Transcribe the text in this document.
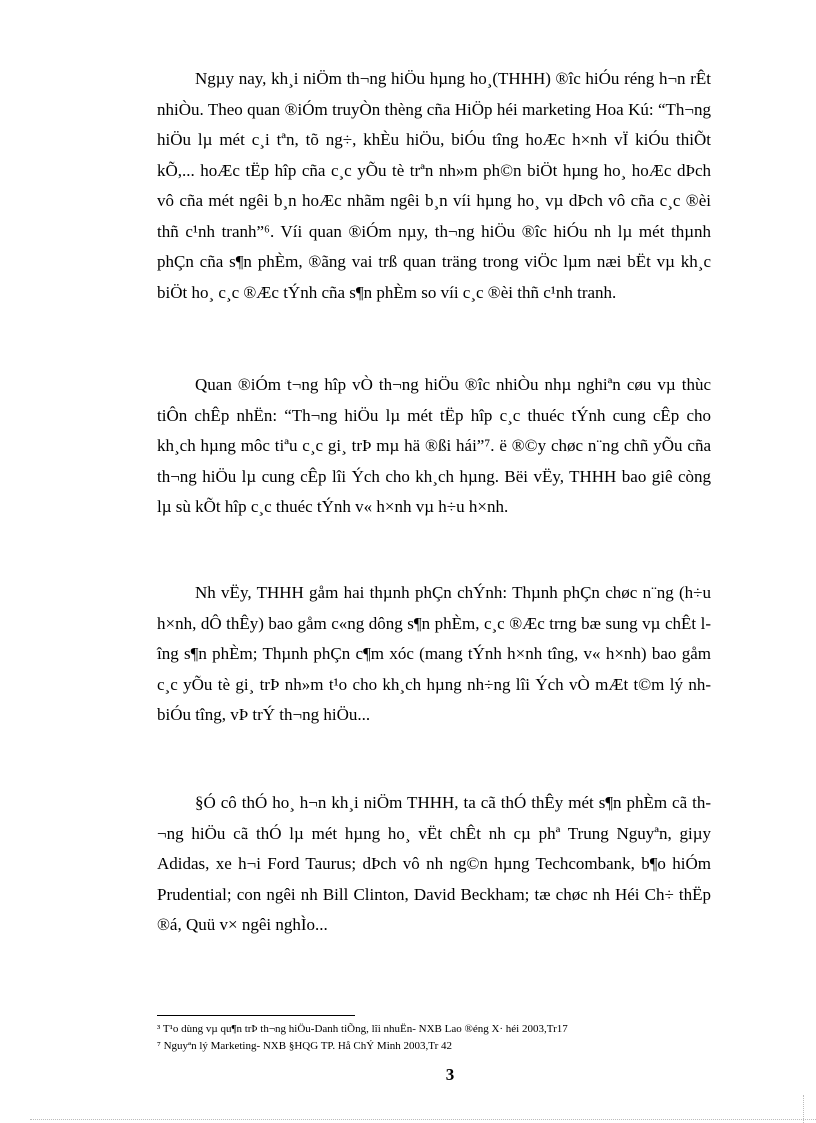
Ngµy nay, kh¸i niÖm th¬ng hiÖu hµng ho¸(THHH) ®îc hiÓu réng h¬n rÊt nhiÒu. Theo quan ®iÓm truyÒn thèng cña HiÖp héi marketing Hoa Kú: “Th¬ng hiÖu lµ mét c¸i tªn, tõ ng÷, khÈu hiÖu, biÓu tîng hoÆc h×nh vÏ kiÓu thiÕt kÕ,... hoÆc tËp hîp cña c¸c yÕu tè trªn nh»m ph©n biÖt hµng ho¸ hoÆc dÞch vô cña mét ngêi b¸n hoÆc nhãm ngêi b¸n víi hµng ho¸ vµ dÞch vô cña c¸c ®èi thñ c¹nh tranh”⁶. Víi quan ®iÓm nµy, th¬ng hiÖu ®îc hiÓu nh lµ mét thµnh phÇn cña s¶n phÈm, ®ãng vai trß quan träng trong viÖc lµm næi bËt vµ kh¸c biÖt ho¸ c¸c ®Æc tÝnh cña s¶n phÈm so víi c¸c ®èi thñ c¹nh tranh.

Quan ®iÓm t¬ng hîp vÒ th¬ng hiÖu ®îc nhiÒu nhµ nghiªn cøu vµ thùc tiÔn chÊp nhËn: “Th¬ng hiÖu lµ mét tËp hîp c¸c thuéc tÝnh cung cÊp cho kh¸ch hµng môc tiªu c¸c gi¸ trÞ mµ hä ®ßi hái”⁷. ë ®©y chøc n¨ng chñ yÕu cña th¬ng hiÖu lµ cung cÊp lîi Ých cho kh¸ch hµng. Bëi vËy, THHH bao giê còng lµ sù kÕt hîp c¸c thuéc tÝnh v« h×nh vµ h÷u h×nh.

Nh vËy, THHH gåm hai thµnh phÇn chÝnh: Thµnh phÇn chøc n¨ng (h÷u h×nh, dÔ thÊy) bao gåm c«ng dông s¶n phÈm, c¸c ®Æc trng bæ sung vµ chÊt lîng s¶n phÈm; Thµnh phÇn c¶m xóc (mang tÝnh h×nh tîng, v« h×nh) bao gåm c¸c yÕu tè gi¸ trÞ nh»m t¹o cho kh¸ch hµng nh÷ng lîi Ých vÒ mÆt t©m lý nh biÓu tîng, vÞ trÝ th¬ng hiÖu...

§Ó cô thÓ ho¸ h¬n kh¸i niÖm THHH, ta cã thÓ thÊy mét s¶n phÈm cã th¬ng hiÖu cã thÓ lµ mét hµng ho¸ vËt chÊt nh cµ phª Trung Nguyªn, giµy Adidas, xe h¬i Ford Taurus; dÞch vô nh ng©n hµng Techcombank, b¶o hiÓm Prudential; con ngêi nh Bill Clinton, David Beckham; tæ chøc nh Héi Ch÷ thËp ®á, Quü v× ngêi nghÌo...

³ T¹o dùng vµ qu¶n trÞ th¬ng hiÖu-Danh tiÕng, lîi nhuËn- NXB Lao ®éng X· héi 2003,Tr17
⁷ Nguyªn lý Marketing- NXB §HQG TP. Hå ChÝ Minh 2003,Tr 42
3
